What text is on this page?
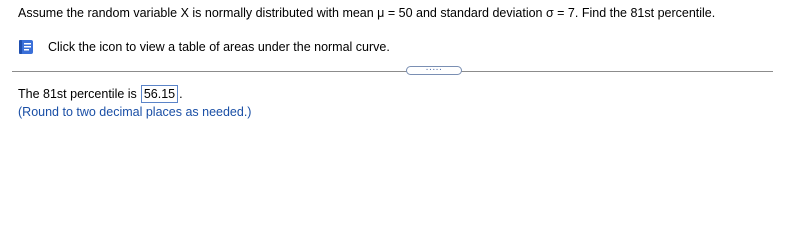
Assume the random variable X is normally distributed with mean μ = 50 and standard deviation σ = 7. Find the 81st percentile.
Click the icon to view a table of areas under the normal curve.
.....
The 81st percentile is 56.15 .
(Round to two decimal places as needed.)
